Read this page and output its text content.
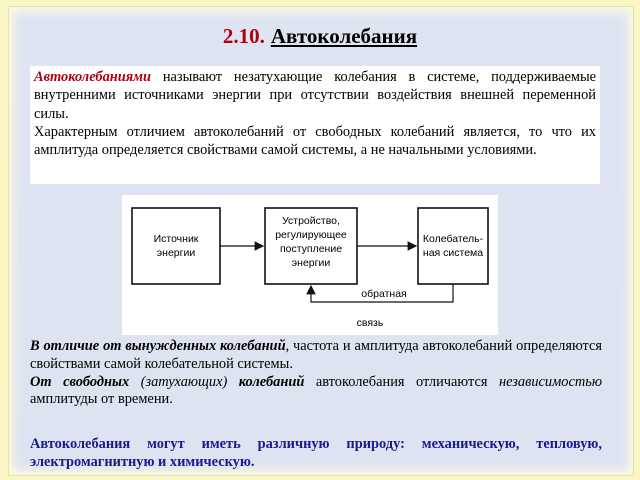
2.10. Автоколебания

Автоколебаниями называют незатухающие колебания в системе, поддерживаемые внутренними источниками энергии при отсутствии воздействия внешней переменной силы.

Характерным отличием автоколебаний от свободных колебаний является, то что их амплитуда определяется свойствами самой системы, а не начальными условиями.

Источник
энергии
Устройство,
регулирующее
поступление
энергии
Колебатель-
ная система
обратная
связь

В отличие от вынужденных колебаний, частота и амплитуда автоколебаний определяются свойствами самой колебательной системы.

От свободных (затухающих) колебаний автоколебания отличаются независимостью амплитуды от времени.

Автоколебания могут иметь различную природу: механическую, тепловую, электромагнитную и химическую.
